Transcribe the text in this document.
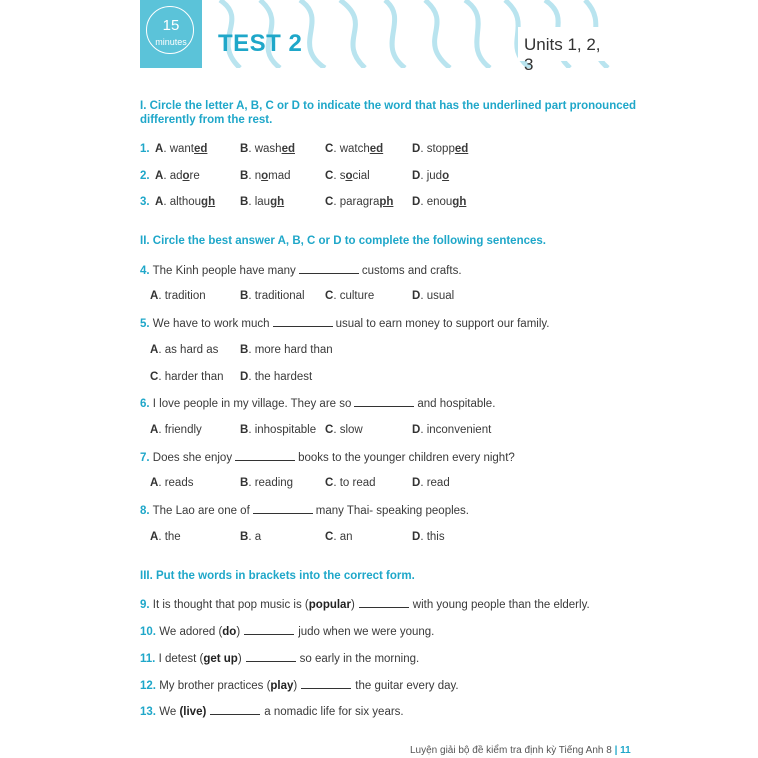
15
minutes	TEST 2	Units 1, 2, 3
I. Circle the letter A, B, C or D to indicate the word that has the underlined part pronounced
differently from the rest.
1. A. wanted	B. washed	C. watched	D. stopped
2. A. adore	B. nomad	C. social	D. judo
3. A. although B. laugh	C. paragraph D. enough
II. Circle the best answer A, B, C or D to complete the following sentences.
4. The Kinh people have many	customs and crafts.
A. tradition	B. traditional C. culture	D. usual
5. We have to work much	usual to earn money to support our family.
A. as hard as B. more hard than
C. harder than D. the hardest
6. I love people in my village. They are so	and hospitable.
A. friendly	B. inhospitable C. slow	D. inconvenient
7. Does she enjoy	books to the younger children every night?
A. reads	B. reading	C. to read	D. read
8. The Lao are one of	many Thai- speaking peoples.
A. the	B. a	C. an	D. this
III. Put the words in brackets into the correct form.
9. It is thought that pop music is (popular)	with young people than the elderly.
10. We adored (do)	judo when we were young.
11. I detest (get up)	so early in the morning.
12. My brother practices (play)	the guitar every day.
13. We (live)	a nomadic life for six years.
Luyện giải bộ đề kiểm tra định kỳ Tiếng Anh 8 | 11
